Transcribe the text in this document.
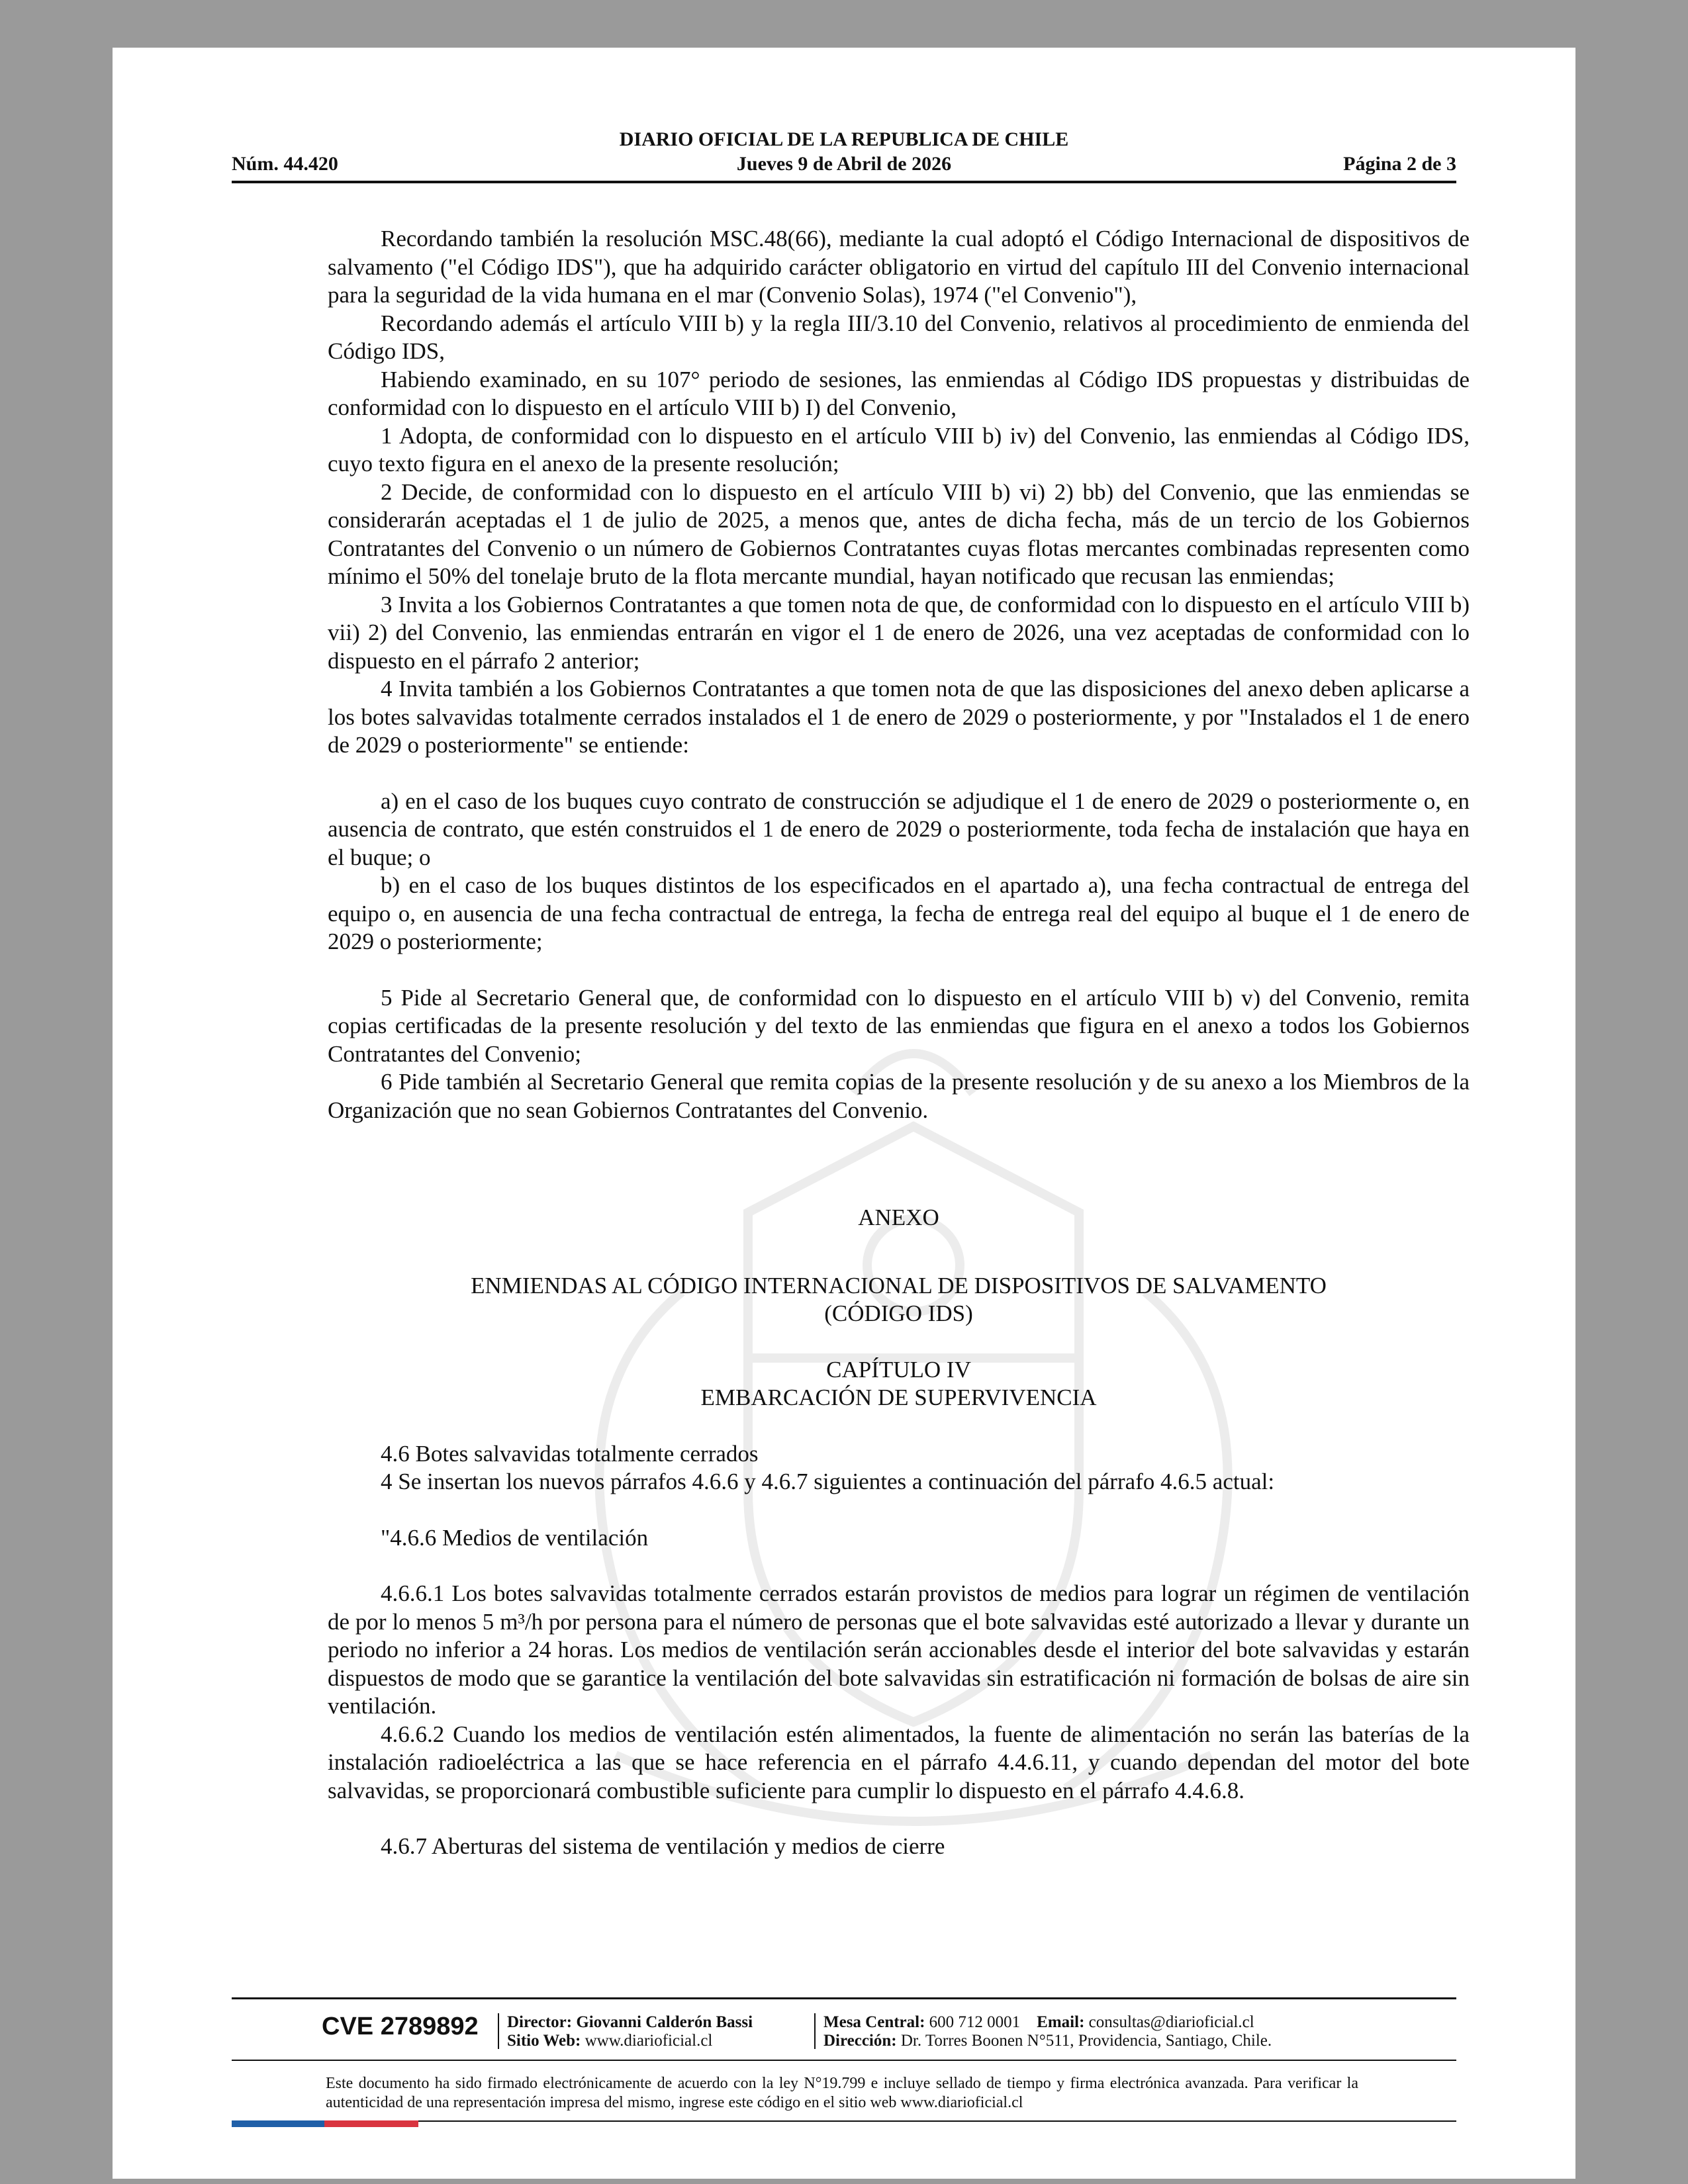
DIARIO OFICIAL DE LA REPUBLICA DE CHILE
Jueves 9 de Abril de 2026
Núm. 44.420	Página 2 de 3

Recordando también la resolución MSC.48(66), mediante la cual adoptó el Código Internacional de dispositivos de salvamento ("el Código IDS"), que ha adquirido carácter obligatorio en virtud del capítulo III del Convenio internacional para la seguridad de la vida humana en el mar (Convenio Solas), 1974 ("el Convenio"),

Recordando además el artículo VIII b) y la regla III/3.10 del Convenio, relativos al procedimiento de enmienda del Código IDS,

Habiendo examinado, en su 107° periodo de sesiones, las enmiendas al Código IDS propuestas y distribuidas de conformidad con lo dispuesto en el artículo VIII b) I) del Convenio,

1 Adopta, de conformidad con lo dispuesto en el artículo VIII b) iv) del Convenio, las enmiendas al Código IDS, cuyo texto figura en el anexo de la presente resolución;

2 Decide, de conformidad con lo dispuesto en el artículo VIII b) vi) 2) bb) del Convenio, que las enmiendas se considerarán aceptadas el 1 de julio de 2025, a menos que, antes de dicha fecha, más de un tercio de los Gobiernos Contratantes del Convenio o un número de Gobiernos Contratantes cuyas flotas mercantes combinadas representen como mínimo el 50% del tonelaje bruto de la flota mercante mundial, hayan notificado que recusan las enmiendas;

3 Invita a los Gobiernos Contratantes a que tomen nota de que, de conformidad con lo dispuesto en el artículo VIII b) vii) 2) del Convenio, las enmiendas entrarán en vigor el 1 de enero de 2026, una vez aceptadas de conformidad con lo dispuesto en el párrafo 2 anterior;

4 Invita también a los Gobiernos Contratantes a que tomen nota de que las disposiciones del anexo deben aplicarse a los botes salvavidas totalmente cerrados instalados el 1 de enero de 2029 o posteriormente, y por "Instalados el 1 de enero de 2029 o posteriormente" se entiende:

a) en el caso de los buques cuyo contrato de construcción se adjudique el 1 de enero de 2029 o posteriormente o, en ausencia de contrato, que estén construidos el 1 de enero de 2029 o posteriormente, toda fecha de instalación que haya en el buque; o

b) en el caso de los buques distintos de los especificados en el apartado a), una fecha contractual de entrega del equipo o, en ausencia de una fecha contractual de entrega, la fecha de entrega real del equipo al buque el 1 de enero de 2029 o posteriormente;

5 Pide al Secretario General que, de conformidad con lo dispuesto en el artículo VIII b) v) del Convenio, remita copias certificadas de la presente resolución y del texto de las enmiendas que figura en el anexo a todos los Gobiernos Contratantes del Convenio;

6 Pide también al Secretario General que remita copias de la presente resolución y de su anexo a los Miembros de la Organización que no sean Gobiernos Contratantes del Convenio.

ANEXO

ENMIENDAS AL CÓDIGO INTERNACIONAL DE DISPOSITIVOS DE SALVAMENTO

(CÓDIGO IDS)

CAPÍTULO IV

EMBARCACIÓN DE SUPERVIVENCIA

4.6 Botes salvavidas totalmente cerrados

4 Se insertan los nuevos párrafos 4.6.6 y 4.6.7 siguientes a continuación del párrafo 4.6.5 actual:

"4.6.6 Medios de ventilación

4.6.6.1 Los botes salvavidas totalmente cerrados estarán provistos de medios para lograr un régimen de ventilación de por lo menos 5 m³/h por persona para el número de personas que el bote salvavidas esté autorizado a llevar y durante un periodo no inferior a 24 horas. Los medios de ventilación serán accionables desde el interior del bote salvavidas y estarán dispuestos de modo que se garantice la ventilación del bote salvavidas sin estratificación ni formación de bolsas de aire sin ventilación.

4.6.6.2 Cuando los medios de ventilación estén alimentados, la fuente de alimentación no serán las baterías de la instalación radioeléctrica a las que se hace referencia en el párrafo 4.4.6.11, y cuando dependan del motor del bote salvavidas, se proporcionará combustible suficiente para cumplir lo dispuesto en el párrafo 4.4.6.8.

4.6.7 Aberturas del sistema de ventilación y medios de cierre

CVE 2789892 Director: Giovanni Calderón Bassi
Sitio Web: www.diarioficial.cl
Mesa Central: 600 712 0001 Email: consultas@diarioficial.cl
Dirección: Dr. Torres Boonen N°511, Providencia, Santiago, Chile.
Este documento ha sido firmado electrónicamente de acuerdo con la ley N°19.799 e incluye sellado de tiempo y firma electrónica avanzada. Para verificar la autenticidad de una representación impresa del mismo, ingrese este código en el sitio web www.diarioficial.cl
